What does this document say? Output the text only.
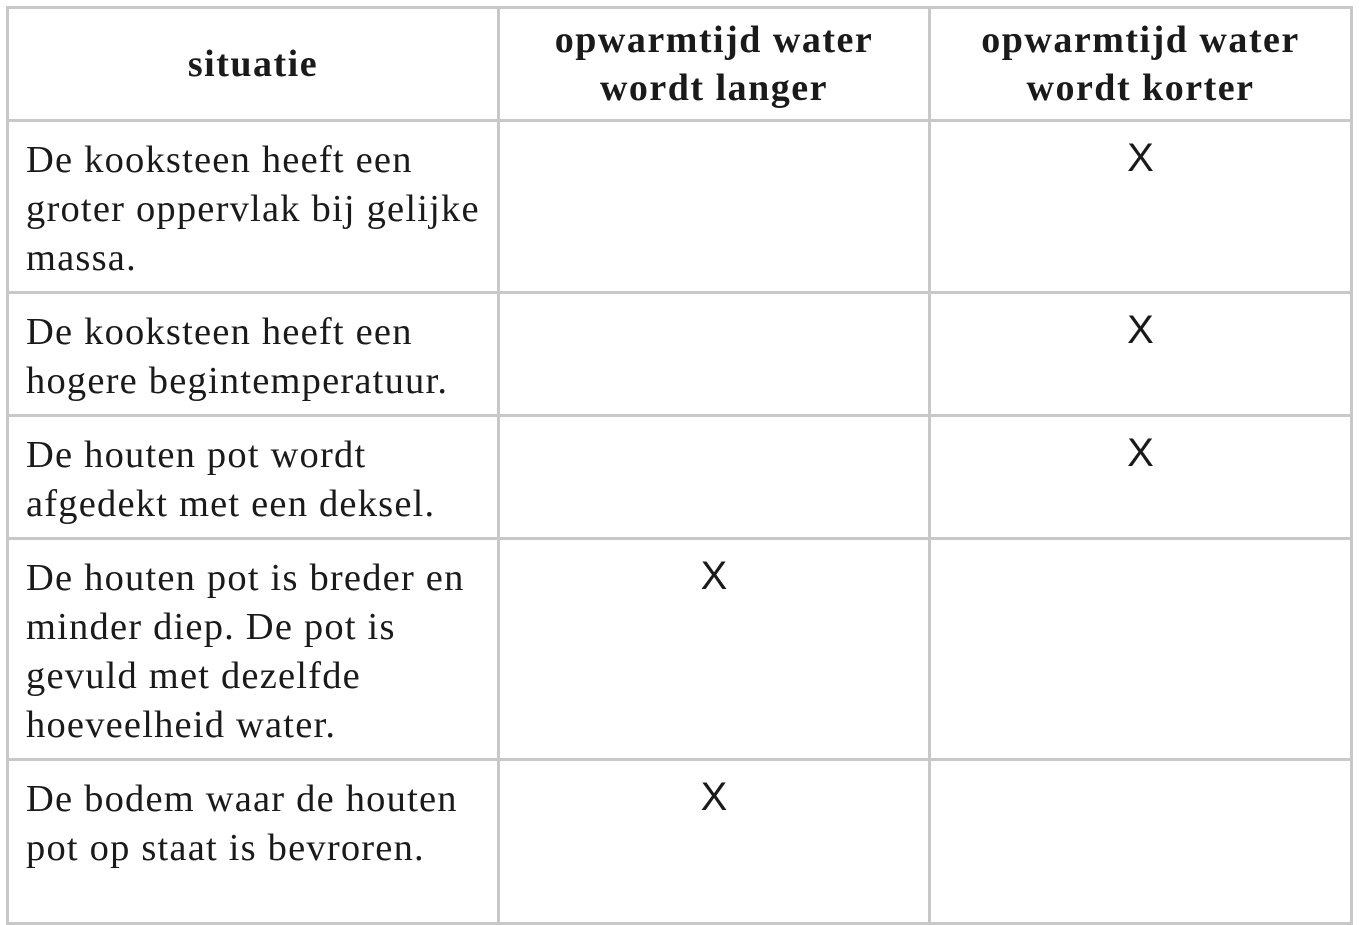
situatie	opwarmtijd water wordt langer	opwarmtijd water wordt korter
De kooksteen heeft een groter oppervlak bij gelijke massa.		X
De kooksteen heeft een hogere begintemperatuur.		X
De houten pot wordt afgedekt met een deksel.		X
De houten pot is breder en minder diep. De pot is gevuld met dezelfde hoeveelheid water.	X	
De bodem waar de houten pot op staat is bevroren.	X	
